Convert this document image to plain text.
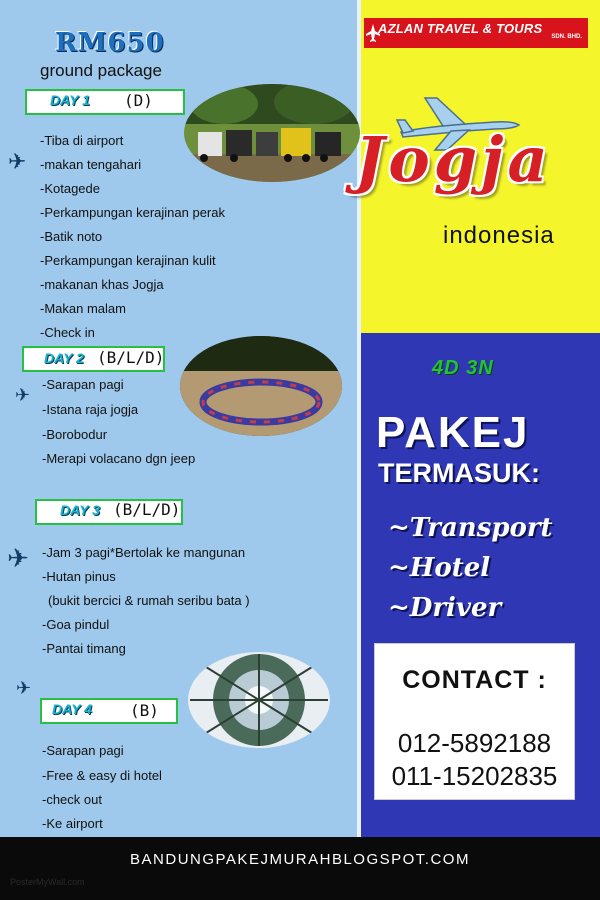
RM650
ground package
DAY 1 (D)
✈
-Tiba di airport
-makan tengahari
-Kotagede
-Perkampungan kerajinan perak
-Batik noto
-Perkampungan kerajinan kulit
-makanan khas Jogja
-Makan malam
-Check in
DAY 2 (B/L/D)
✈
-Sarapan pagi
-Istana raja jogja
-Borobodur
-Merapi volacano dgn jeep
DAY 3 (B/L/D)
✈ -Jam 3 pagi*Bertolak ke mangunan
-Hutan pinus
(bukit bercici & rumah seribu bata )
-Goa pindul
-Pantai timang
✈
DAY 4 (B)
-Sarapan pagi
-Free & easy di hotel
-check out
-Ke airport
AZLAN TRAVEL & TOURS
SDN. BHD.
Jogja
indonesia
4D 3N
PAKEJ
TERMASUK:
~Transport
~Hotel
~Driver
CONTACT :
012-5892188
011-15202835
BANDUNGPAKEJMURAHBLOGSPOT.COM
PosterMyWall.com
